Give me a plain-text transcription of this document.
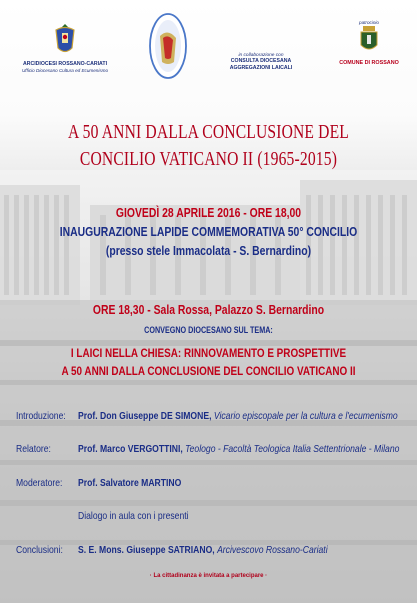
ARCIDIOCESI ROSSANO-CARIATI
Ufficio Diocesano Cultura ed Ecumenismo
in collaborazione con
CONSULTA DIOCESANA
AGGREGAZIONI LAICALI
patrocinio
COMUNE DI ROSSANO
A 50 ANNI DALLA CONCLUSIONE DEL
CONCILIO VATICANO II (1965-2015)
GIOVEDÌ 28 APRILE 2016 - ORE 18,00
INAUGURAZIONE LAPIDE COMMEMORATIVA 50° CONCILIO
(presso stele Immacolata - S. Bernardino)
ORE 18,30 - Sala Rossa, Palazzo S. Bernardino
CONVEGNO DIOCESANO SUL TEMA:
I LAICI NELLA CHIESA: RINNOVAMENTO E PROSPETTIVE
A 50 ANNI DALLA CONCLUSIONE DEL CONCILIO VATICANO II
Introduzione: Prof. Don Giuseppe DE SIMONE, Vicario episcopale per la cultura e l'ecumenismo
Relatore:	Prof. Marco VERGOTTINI, Teologo - Facoltà Teologica Italia Settentrionale - Milano
Moderatore: Prof. Salvatore MARTINO
Dialogo in aula con i presenti
Conclusioni: S. E. Mons. Giuseppe SATRIANO, Arcivescovo Rossano-Cariati
· La cittadinanza è invitata a partecipare ·
